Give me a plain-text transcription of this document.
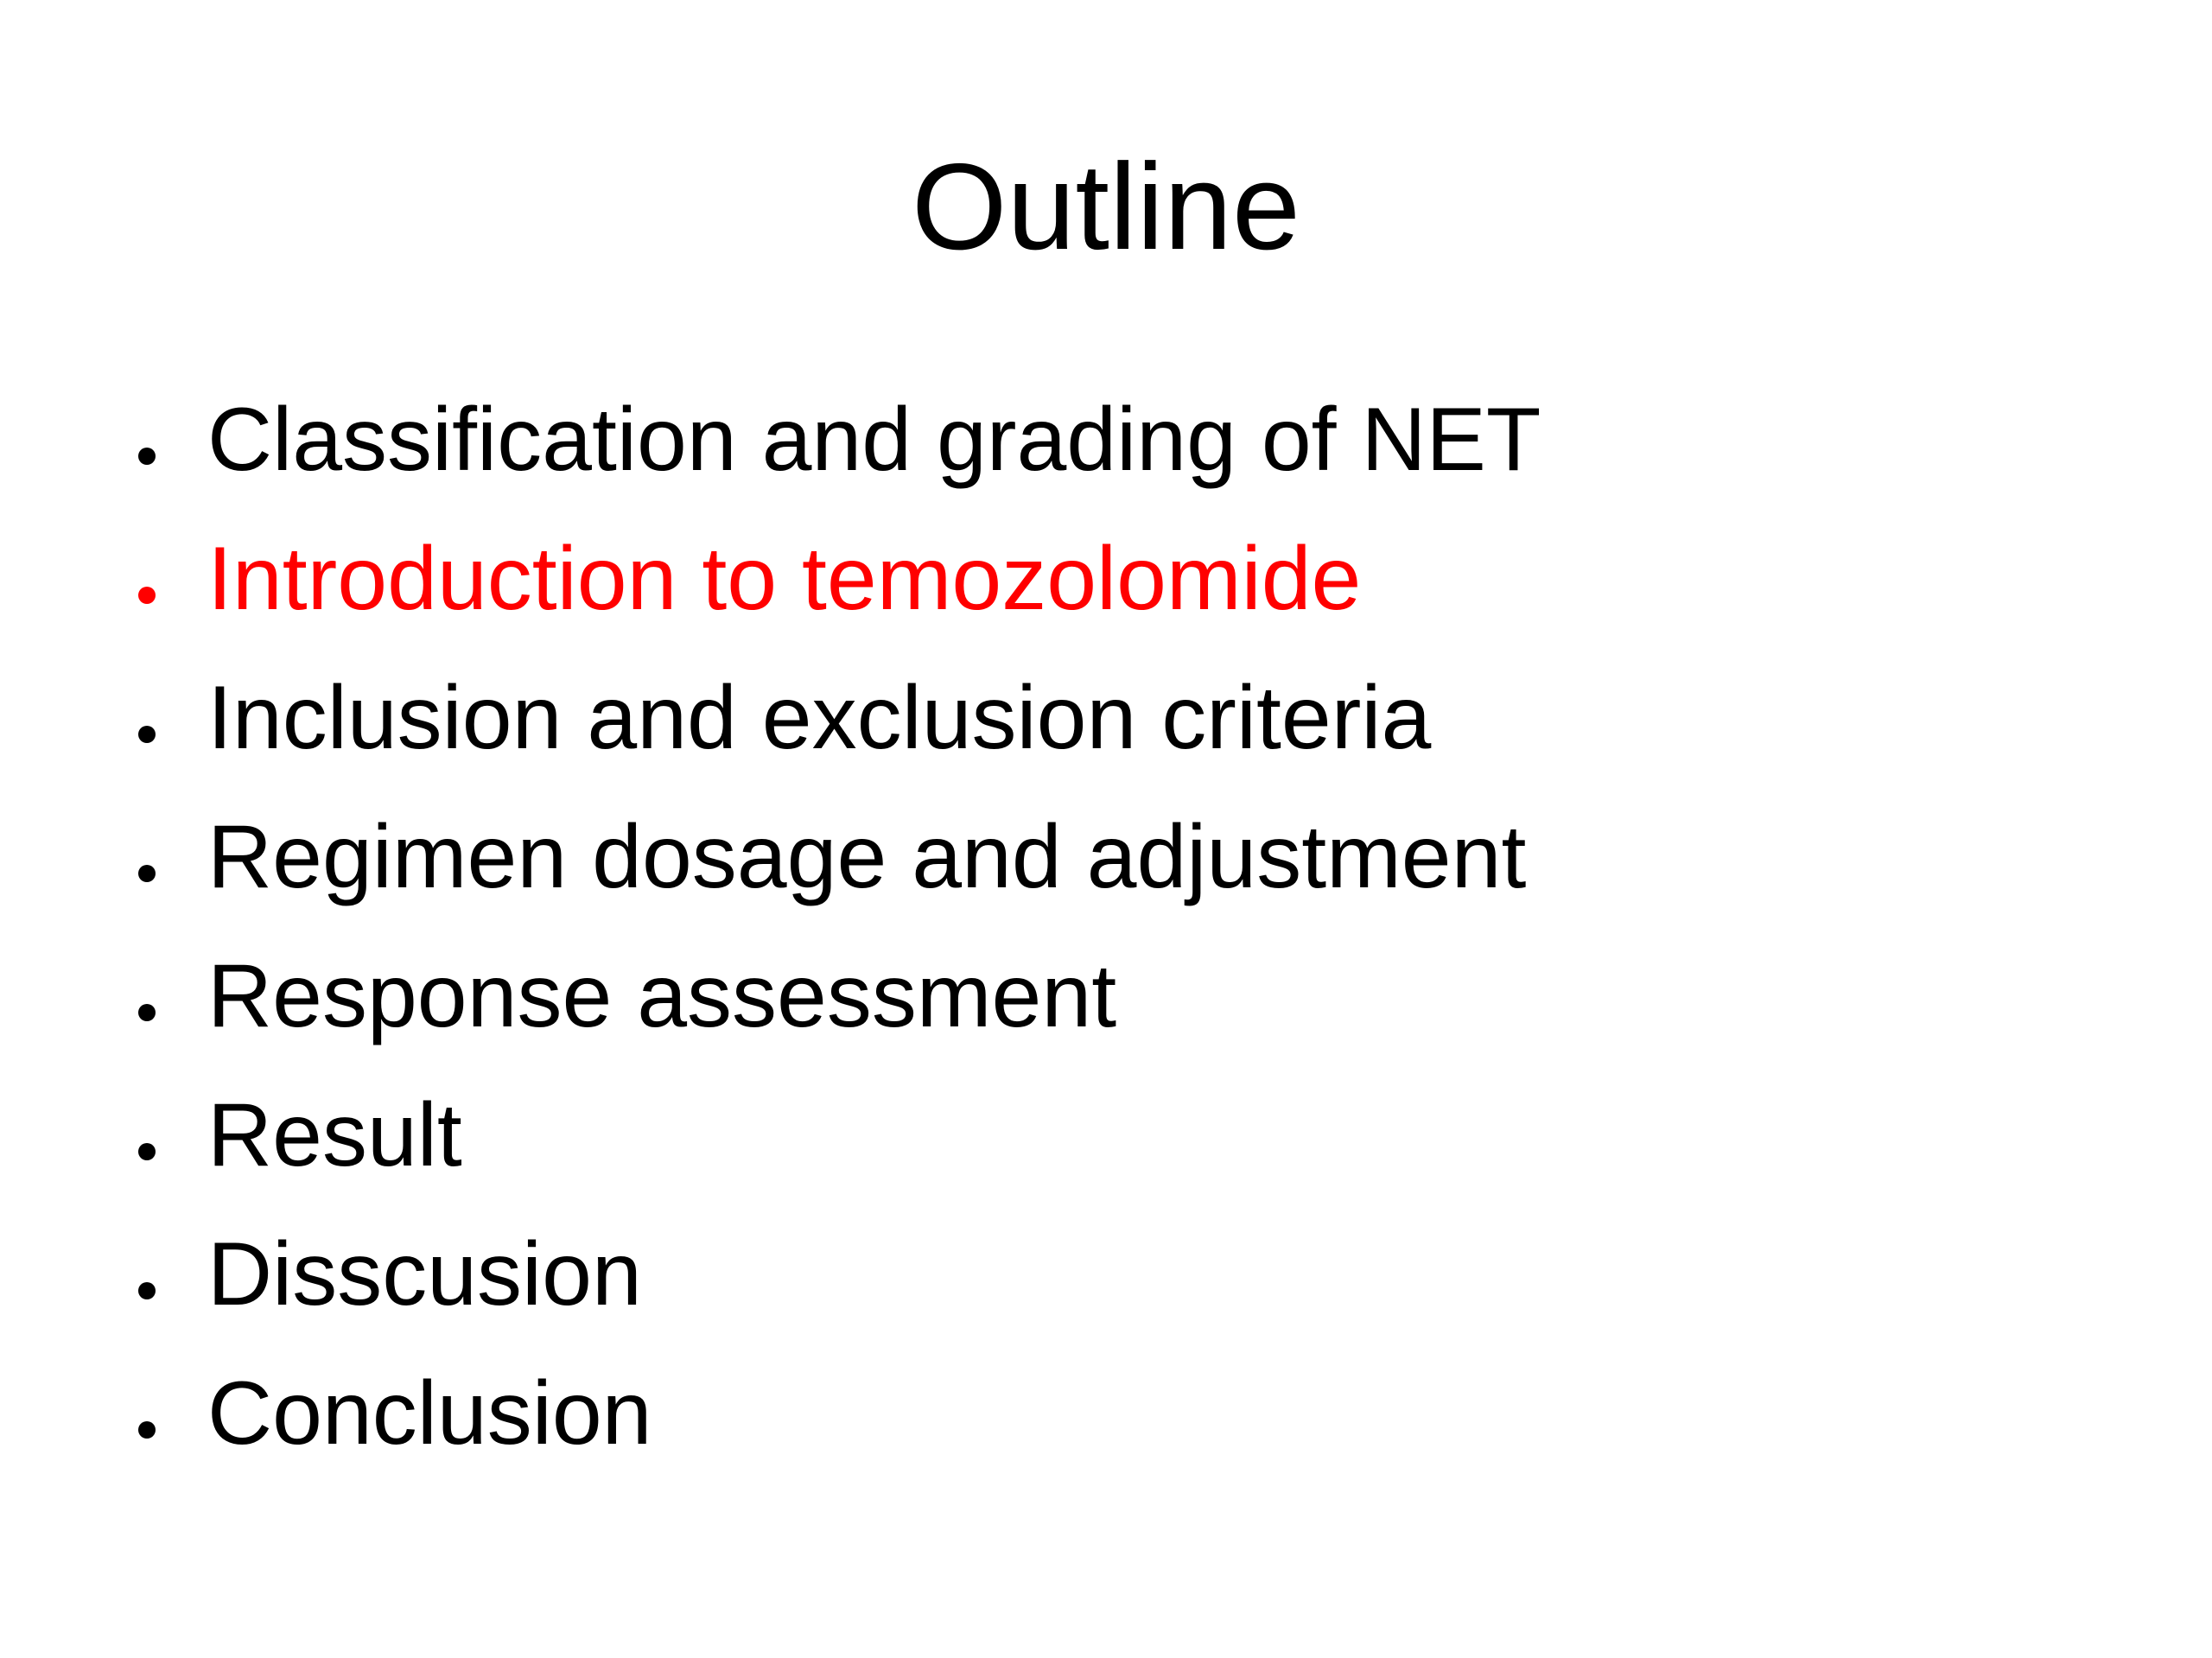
Outline
Classification and grading of NET
Introduction to temozolomide
Inclusion and exclusion criteria
Regimen dosage and adjustment
Response assessment
Result
Disscusion
Conclusion
